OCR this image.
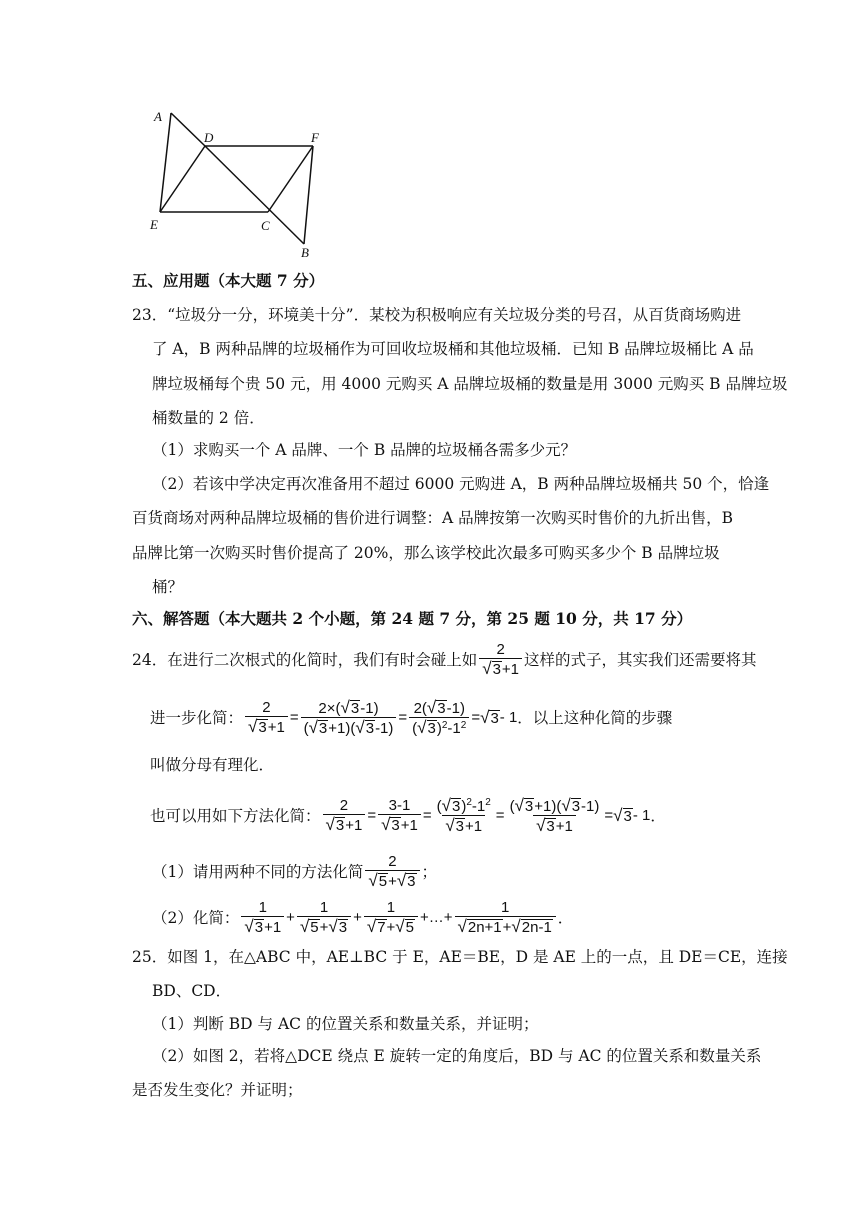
A
D	F
E	C
B
五、应用题（本大题 7 分）
23．“垃圾分一分，环境美十分”．某校为积极响应有关垃圾分类的号召，从百货商场购进
了 A，B 两种品牌的垃圾桶作为可回收垃圾桶和其他垃圾桶．已知 B 品牌垃圾桶比 A 品
牌垃圾桶每个贵 50 元，用 4000 元购买 A 品牌垃圾桶的数量是用 3000 元购买 B 品牌垃圾
桶数量的 2 倍．
（1）求购买一个 A 品牌、一个 B 品牌的垃圾桶各需多少元？
（2）若该中学决定再次准备用不超过 6000 元购进 A，B 两种品牌垃圾桶共 50 个，恰逢
百货商场对两种品牌垃圾桶的售价进行调整：A 品牌按第一次购买时售价的九折出售，B
品牌比第一次购买时售价提高了 20%，那么该学校此次最多可购买多少个 B 品牌垃圾
桶？
六、解答题（本大题共 2 个小题，第 24 题 7 分，第 25 题 10 分，共 17 分）
24．在进行二次根式的化简时，我们有时会碰上如 $\frac{2}{√ 3 +1}$ 这样的式子，其实我们还需要将其
进一步化简： $\frac{2}{√ 3 +1} = \frac{2\times( √ 3 -1)}{( √ 3 +1)( √ 3 -1)} = \frac{2( √ 3 -1)}{( √ 3 )^2-1^2}$ = √ 3 - 1 ．以上这种化简的步骤
叫做分母有理化．
也可以用如下方法化简： $\frac{2}{√ 3 +1} = \frac{3-1}{√ 3 +1} = \frac{( √ 3 )^2-1^2}{√ 3 +1} = \frac{( √ 3 +1)( √ 3 -1)}{√ 3 +1}$ = √ 3 - 1 ．
（1）请用两种不同的方法化简 $\frac{2}{√ 5 + √ 3}$ ；
（2）化简： $\frac{1}{√ 3 +1} + \frac{1}{√ 5 + √ 3} + \frac{1}{√ 7 + √ 5}$ +…+ $\frac{1}{√ 2n+1 + √ 2n-1}$ ．
25．如图 1，在△ABC 中，AE⊥BC 于 E，AE＝BE，D 是 AE 上的一点，且 DE＝CE，连接
BD、CD．
（1）判断 BD 与 AC 的位置关系和数量关系，并证明；
（2）如图 2，若将△DCE 绕点 E 旋转一定的角度后，BD 与 AC 的位置关系和数量关系
是否发生变化？并证明；
